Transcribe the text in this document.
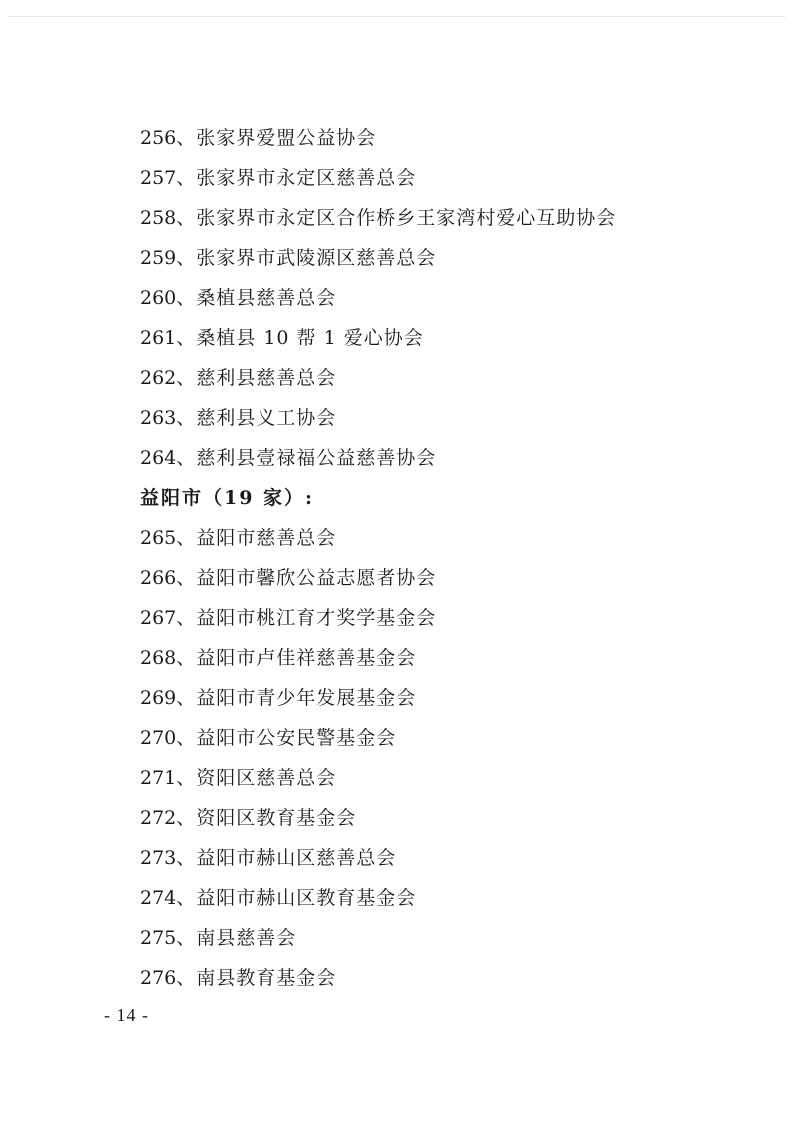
256、张家界爱盟公益协会
257、张家界市永定区慈善总会
258、张家界市永定区合作桥乡王家湾村爱心互助协会
259、张家界市武陵源区慈善总会
260、桑植县慈善总会
261、桑植县 10 帮 1 爱心协会
262、慈利县慈善总会
263、慈利县义工协会
264、慈利县壹禄福公益慈善协会
益阳市（19 家）:
265、益阳市慈善总会
266、益阳市馨欣公益志愿者协会
267、益阳市桃江育才奖学基金会
268、益阳市卢佳祥慈善基金会
269、益阳市青少年发展基金会
270、益阳市公安民警基金会
271、资阳区慈善总会
272、资阳区教育基金会
273、益阳市赫山区慈善总会
274、益阳市赫山区教育基金会
275、南县慈善会
276、南县教育基金会
- 14 -
